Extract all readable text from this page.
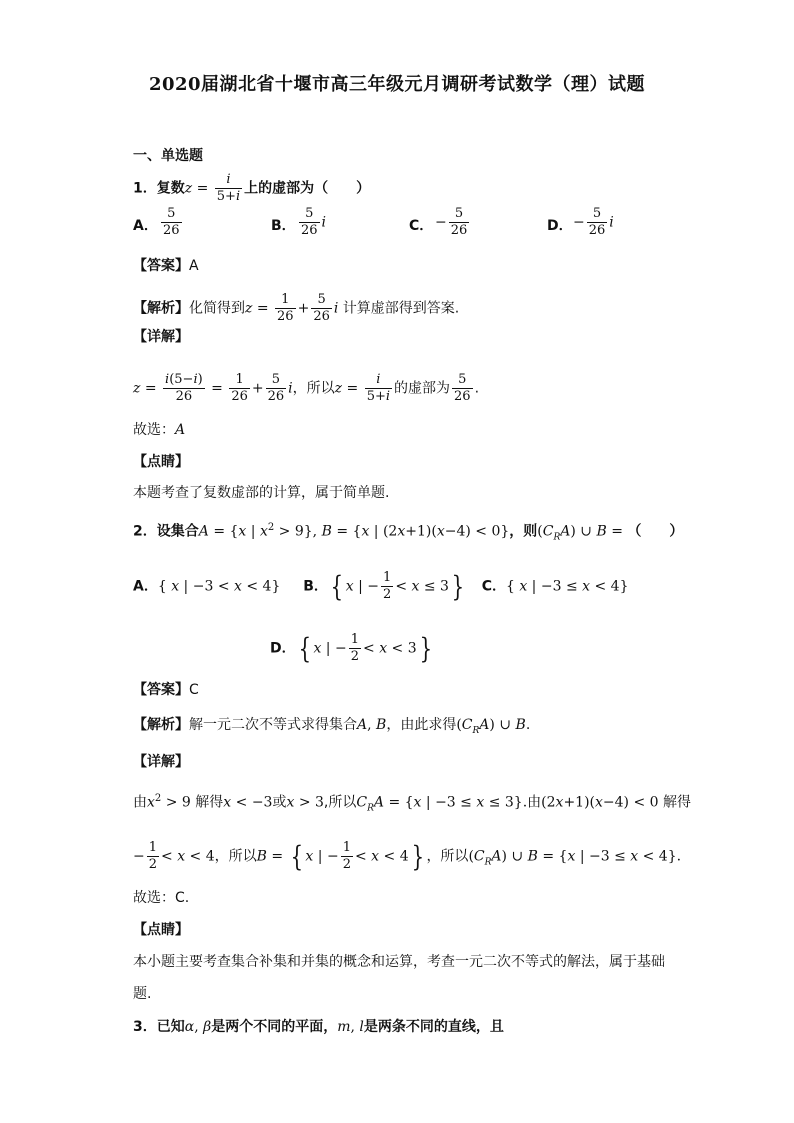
2020届湖北省十堰市高三年级元月调研考试数学（理）试题
一、单选题
1．复数$z = \frac{i}{5+i}$ 上的虚部为（　　）
A． $\frac{5}{26}$	B． $\frac{5}{26}$ i	C． − $\frac{5}{26}$	D． − $\frac{5}{26}$ i
【答案】A
【解析】化简得到$z = \frac{1}{26} + \frac{5}{26}$ i 计算虚部得到答案.
【详解】
$z = \frac{i(5-i)}{26} = \frac{1}{26} + \frac{5}{26}$ i，所以$z = \frac{i}{5+i}$ 的虚部为 $\frac{5}{26}$ .
故选：A
【点睛】
本题考查了复数虚部的计算，属于简单题.
2．设集合A = {x | $x^2 > 9$}, B = {x | (2x+1)(x−4) < 0}，则$(C_RA)$ ∪ B = （　　）
A．{ x | −3 < x < 4} B．{ x | − $\frac{1}{2} < x \le 3$} C．{ x | −3 ≤ x < 4}
D．{ x | − $\frac{1}{2} < x < 3$}
【答案】C
【解析】解一元二次不等式求得集合A, B，由此求得$(C_RA)$ ∪ B.
【详解】
由$x^2 > 9$ 解得x < −3或x > 3,所以$C_RA = \{x$ | −3 ≤ x ≤ 3}.由(2x+1)(x−4) < 0 解得
− $\frac{1}{2} < x < 4$，所以B = { x | − $\frac{1}{2} < x < 4$} ，所以$(C_RA)$ ∪ B = {x | −3 ≤ x < 4}.
故选：C.
【点睛】
本小题主要考查集合补集和并集的概念和运算，考查一元二次不等式的解法，属于基础
题.
3．已知α, β是两个不同的平面，m, l是两条不同的直线，且
